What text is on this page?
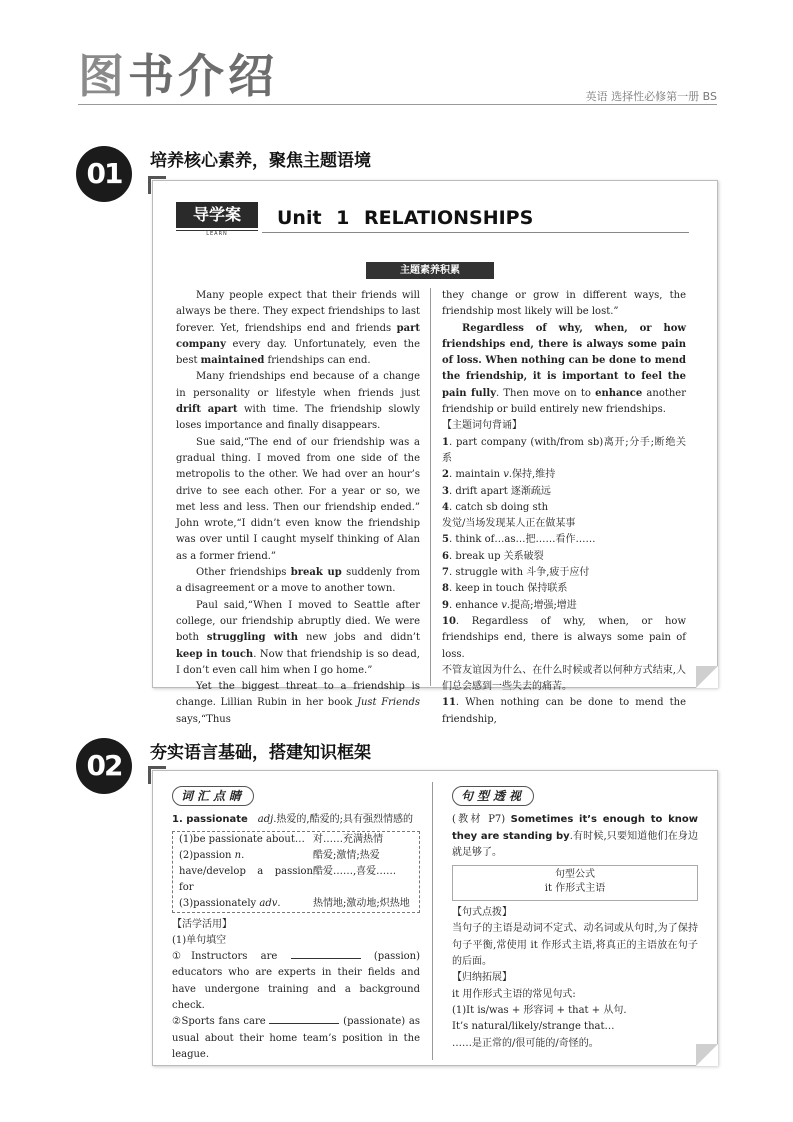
图 书 介 绍	英语 选择性必修第一册 BS
01	培养核心素养，聚焦主题语境
导学案
LEARN
Unit 1 RELATIONSHIPS
主题素养积累

Many people expect that their friends will always be there. They expect friendships to last forever. Yet, friendships end and friends part company every day. Unfortunately, even the best maintained friendships can end.

Many friendships end because of a change in personality or lifestyle when friends just drift apart with time. The friendship slowly loses importance and finally disappears.

Sue said,“The end of our friendship was a gradual thing. I moved from one side of the metropolis to the other. We had over an hour’s drive to see each other. For a year or so, we met less and less. Then our friendship ended.” John wrote,“I didn’t even know the friendship was over until I caught myself thinking of Alan as a former friend.”

Other friendships break up suddenly from a disagreement or a move to another town.

Paul said,“When I moved to Seattle after college, our friendship abruptly died. We were both struggling with new jobs and didn’t keep in touch. Now that friendship is so dead, I don’t even call him when I go home.”

Yet the biggest threat to a friendship is change. Lillian Rubin in her book Just Friends says,“Thus

they change or grow in different ways, the friendship most likely will be lost.”

Regardless of why, when, or how friendships end, there is always some pain of loss. When nothing can be done to mend the friendship, it is important to feel the pain fully. Then move on to enhance another friendship or build entirely new friendships.

【主题词句背诵】

1. part company (with/from sb)离开;分手;断绝关系

2. maintain v.保持,维持

3. drift apart 逐渐疏远

4. catch sb doing sth

发觉/当场发现某人正在做某事

5. think of…as…把……看作……

6. break up 关系破裂

7. struggle with 斗争,疲于应付

8. keep in touch 保持联系

9. enhance v.提高;增强;增进

10. Regardless of why, when, or how friendships end, there is always some pain of loss.

不管友谊因为什么、在什么时候或者以何种方式结束,人们总会感到一些失去的痛苦。

11. When nothing can be done to mend the friendship,

02	夯实语言基础，搭建知识框架
词汇点睛

1. passionate　 adj.热爱的,酷爱的;具有强烈情感的

(1)be passionate about… 对……充满热情
(2)passion n.	酷爱;激情;热爱
have/develop a passion for
酷爱……,喜爱……
(3)passionately adv.	热情地;激动地;炽热地

【活学活用】

(1)单句填空

①Instructors are	(passion) educators who are experts in their fields and have undergone training and a background check.

②Sports fans care	(passionate) as usual about their home team’s position in the league.

句型透视

(教材 P7) Sometimes it’s enough to know they are standing by.有时候,只要知道他们在身边就足够了。

句型公式
it 作形式主语

【句式点拨】

当句子的主语是动词不定式、动名词或从句时,为了保持句子平衡,常使用 it 作形式主语,将真正的主语放在句子的后面。

【归纳拓展】

it 用作形式主语的常见句式:

(1)It is/was + 形容词 + that + 从句.

It’s natural/likely/strange that…

……是正常的/很可能的/奇怪的。
